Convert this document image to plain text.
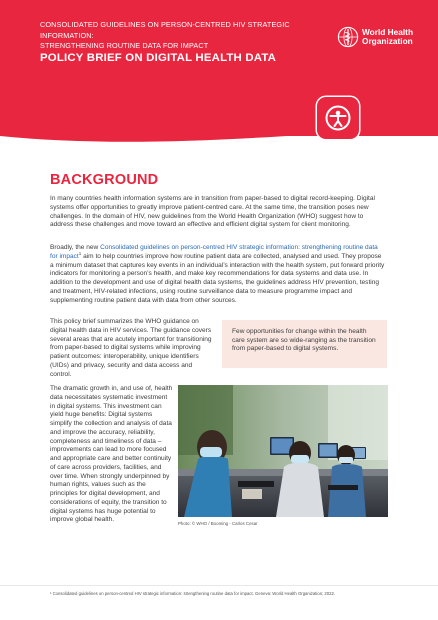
CONSOLIDATED GUIDELINES ON PERSON-CENTRED HIV STRATEGIC INFORMATION:
STRENGTHENING ROUTINE DATA FOR IMPACT
POLICY BRIEF ON DIGITAL HEALTH DATA
World Health
Organization
BACKGROUND

In many countries health information systems are in transition from paper-based to digital record-keeping. Digital systems offer opportunities to greatly improve patient-centred care. At the same time, the transition poses new challenges. In the domain of HIV, new guidelines from the World Health Organization (WHO) suggest how to address these challenges and move toward an effective and efficient digital system for client monitoring.

Broadly, the new Consolidated guidelines on person-centred HIV strategic information: strengthening routine data for impact$^1$ aim to help countries improve how routine patient data are collected, analysed and used. They propose a minimum dataset that captures key events in an individual’s interaction with the health system, put forward priority indicators for monitoring a person’s health, and make key recommendations for data systems and data use. In addition to the development and use of digital health data systems, the guidelines address HIV prevention, testing and treatment, HIV-related infections, using routine surveillance data to measure programme impact and supplementing routine patient data with data from other sources.

This policy brief summarizes the WHO guidance on digital health data in HIV services. The guidance covers several areas that are acutely important for transitioning from paper-based to digital systems while improving patient outcomes: interoperability, unique identifiers (UIDs) and privacy, security and data access and control.

Few opportunities for change within the health care system are so wide-ranging as the transition from paper-based to digital systems.

The dramatic growth in, and use of, health data necessitates systematic investment in digital systems. This investment can yield huge benefits: Digital systems simplify the collection and analysis of data and improve the accuracy, reliability, completeness and timeliness of data – improvements can lead to more focused and appropriate care and better continuity of care across providers, facilities, and over time. When strongly underpinned by human rights, values such as the principles for digital development, and considerations of equity, the transition to digital systems has huge potential to improve global health.

Photo: © WHO / Booming - Carlos Cesar
¹ Consolidated guidelines on person-centred HIV strategic information: strengthening routine data for impact. Geneva: World Health Organization; 2022.
